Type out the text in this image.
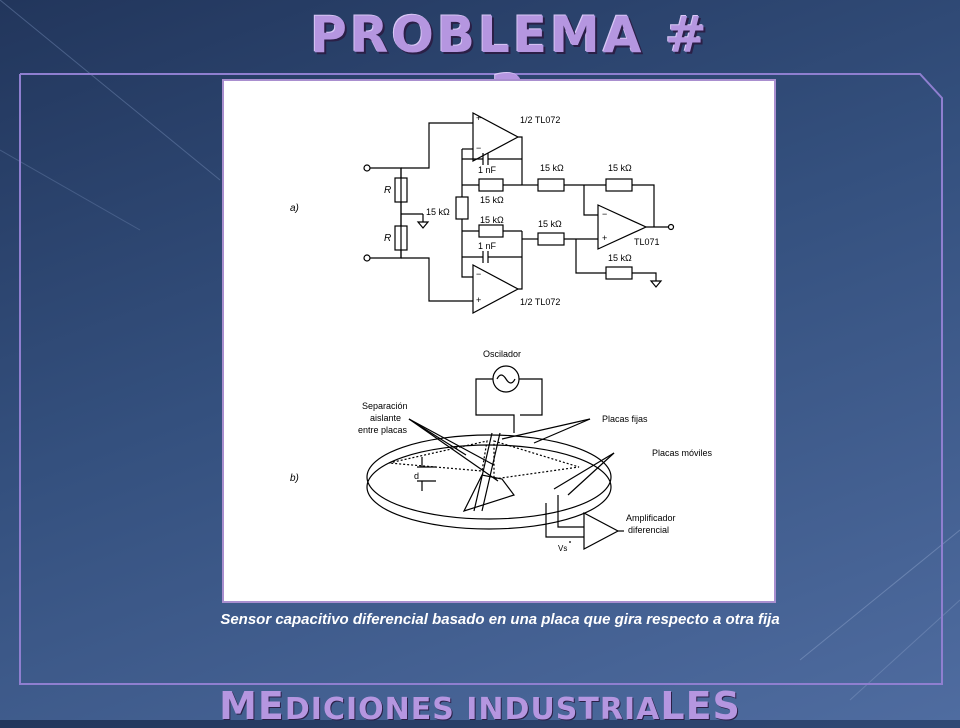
PROBLEMA #
a)
R
R
15 kΩ
+
−
1/2 TL072
1 nF
15 kΩ
15 kΩ
1 nF
−
+	1/2 TL072
15 kΩ	15 kΩ
15 kΩ
−
+	TL071
15 kΩ
Oscilador
Separación
aislante
entre placas
Placas fijas
Placas móviles
b)	d
Amplificador
diferencial
Vs
Sensor capacitivo diferencial basado en una placa que gira respecto a otra fija
MEDICIONES INDUSTRIALES
